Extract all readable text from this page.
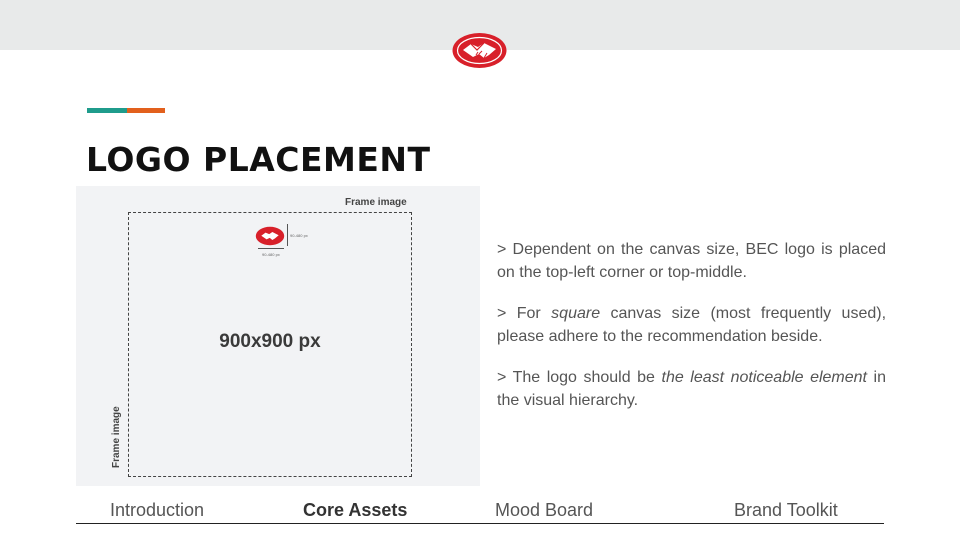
LOGO PLACEMENT
Frame image
Frame image
900x900 px
90-480 px
90-480 px	> Dependent on the canvas size, BEC logo is placed on the top-left corner or top-middle.

> For square canvas size (most frequently used), please adhere to the recommendation beside.

> The logo should be the least noticeable element in the visual hierarchy.

Introduction	Core Assets	Mood Board	Brand Toolkit
